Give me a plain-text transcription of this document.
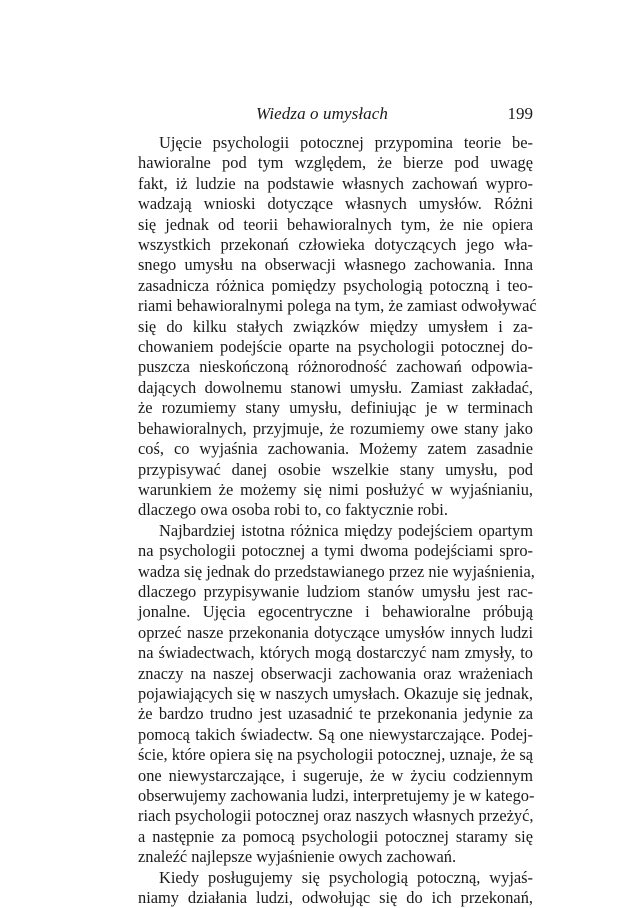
Wiedza o umysłach	199
Ujęcie psychologii potocznej przypomina teorie be-
hawioralne pod tym względem, że bierze pod uwagę
fakt, iż ludzie na podstawie własnych zachowań wypro-
wadzają wnioski dotyczące własnych umysłów. Różni
się jednak od teorii behawioralnych tym, że nie opiera
wszystkich przekonań człowieka dotyczących jego wła-
snego umysłu na obserwacji własnego zachowania. Inna
zasadnicza różnica pomiędzy psychologią potoczną i teo-
riami behawioralnymi polega na tym, że zamiast odwoływać
się do kilku stałych związków między umysłem i za-
chowaniem podejście oparte na psychologii potocznej do-
puszcza nieskończoną różnorodność zachowań odpowia-
dających dowolnemu stanowi umysłu. Zamiast zakładać,
że rozumiemy stany umysłu, definiując je w terminach
behawioralnych, przyjmuje, że rozumiemy owe stany jako
coś, co wyjaśnia zachowania. Możemy zatem zasadnie
przypisywać danej osobie wszelkie stany umysłu, pod
warunkiem że możemy się nimi posłużyć w wyjaśnianiu,
dlaczego owa osoba robi to, co faktycznie robi.
Najbardziej istotna różnica między podejściem opartym
na psychologii potocznej a tymi dwoma podejściami spro-
wadza się jednak do przedstawianego przez nie wyjaśnienia,
dlaczego przypisywanie ludziom stanów umysłu jest rac-
jonalne. Ujęcia egocentryczne i behawioralne próbują
oprzeć nasze przekonania dotyczące umysłów innych ludzi
na świadectwach, których mogą dostarczyć nam zmysły, to
znaczy na naszej obserwacji zachowania oraz wrażeniach
pojawiających się w naszych umysłach. Okazuje się jednak,
że bardzo trudno jest uzasadnić te przekonania jedynie za
pomocą takich świadectw. Są one niewystarczające. Podej-
ście, które opiera się na psychologii potocznej, uznaje, że są
one niewystarczające, i sugeruje, że w życiu codziennym
obserwujemy zachowania ludzi, interpretujemy je w katego-
riach psychologii potocznej oraz naszych własnych przeżyć,
a następnie za pomocą psychologii potocznej staramy się
znaleźć najlepsze wyjaśnienie owych zachowań.
Kiedy posługujemy się psychologią potoczną, wyjaś-
niamy działania ludzi, odwołując się do ich przekonań,
